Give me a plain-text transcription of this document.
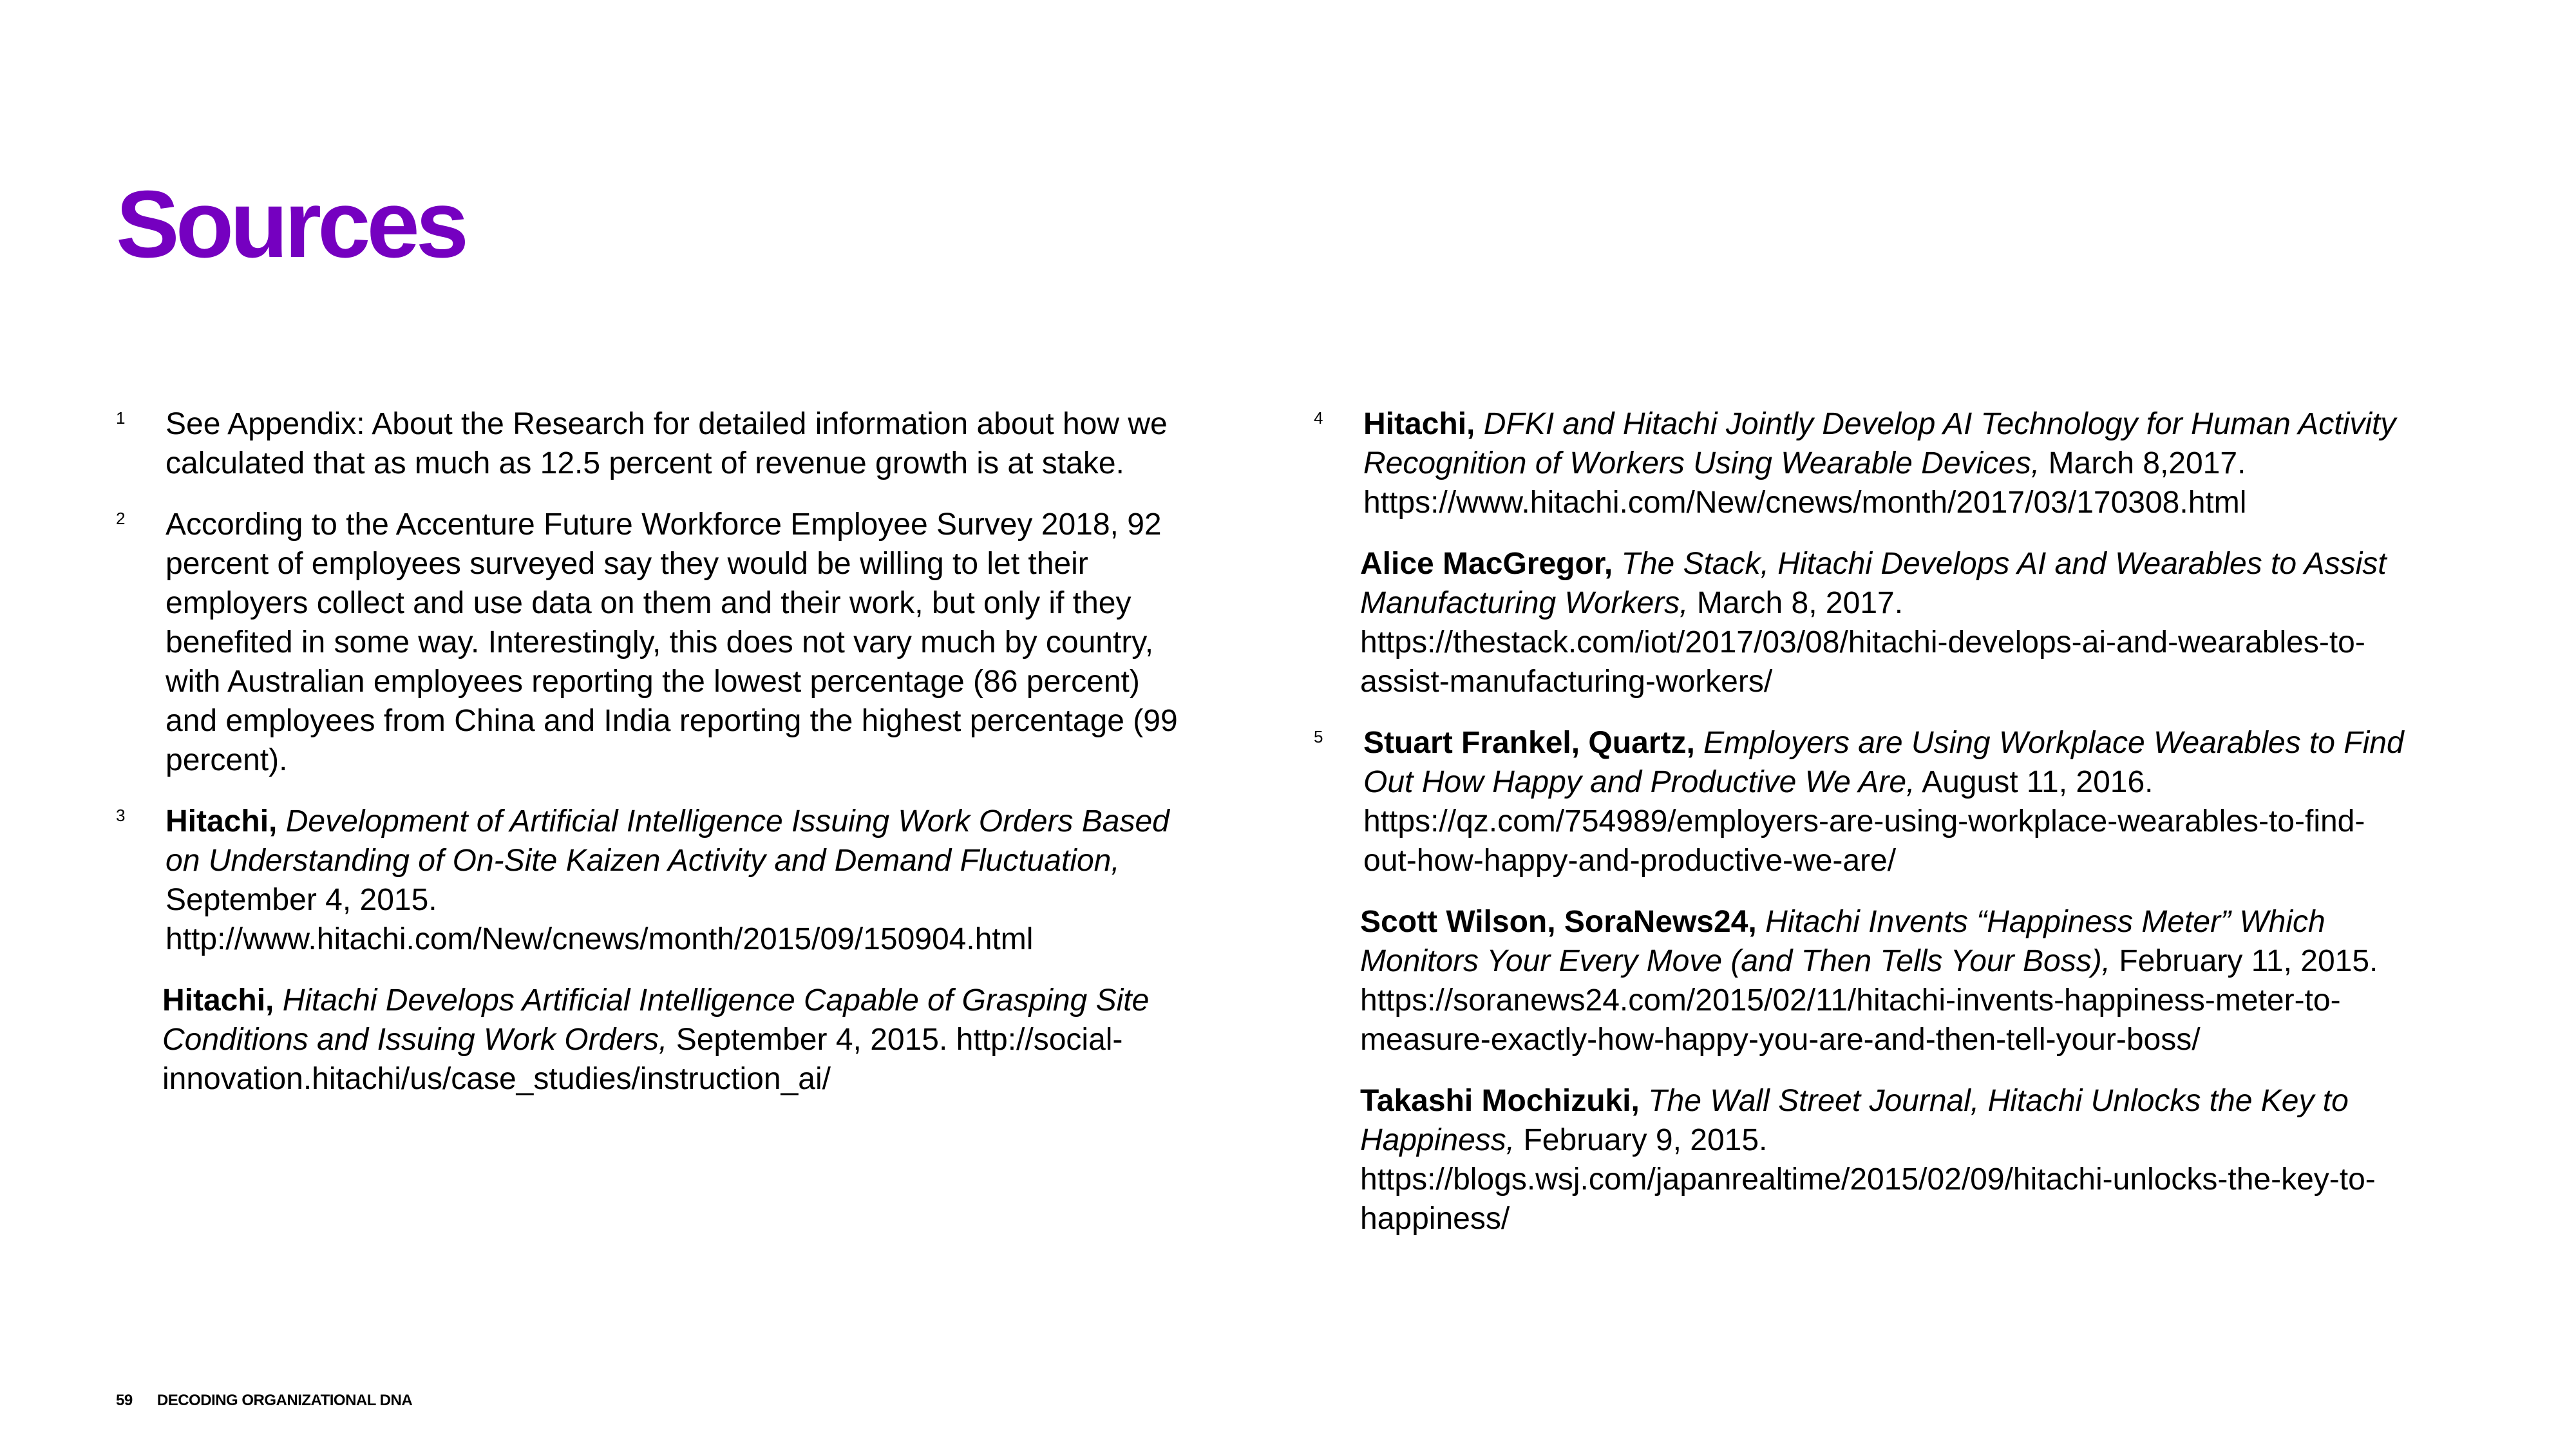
Sources

1 See Appendix: About the Research for detailed information about how we calculated that as much as 12.5 percent of revenue growth is at stake.

2 According to the Accenture Future Workforce Employee Survey 2018, 92 percent of employees surveyed say they would be willing to let their employers collect and use data on them and their work, but only if they benefited in some way. Interestingly, this does not vary much by country, with Australian employees reporting the lowest percentage (86 percent) and employees from China and India reporting the highest percentage (99 percent).

3 Hitachi, Development of Artificial Intelligence Issuing Work Orders Based on Understanding of On-Site Kaizen Activity and Demand Fluctuation, September 4, 2015. http://www.hitachi.com/New/cnews/month/2015/09/150904.html

Hitachi, Hitachi Develops Artificial Intelligence Capable of Grasping Site Conditions and Issuing Work Orders, September 4, 2015. http://social-innovation.hitachi/us/case_studies/instruction_ai/

4 Hitachi, DFKI and Hitachi Jointly Develop AI Technology for Human Activity Recognition of Workers Using Wearable Devices, March 8,2017. https://www.hitachi.com/New/cnews/month/2017/03/170308.html

Alice MacGregor, The Stack, Hitachi Develops AI and Wearables to Assist Manufacturing Workers, March 8, 2017. https://thestack.com/iot/2017/03/08/hitachi-develops-ai-and-wearables-to-assist-manufacturing-workers/

5 Stuart Frankel, Quartz, Employers are Using Workplace Wearables to Find Out How Happy and Productive We Are, August 11, 2016. https://qz.com/754989/employers-are-using-workplace-wearables-to-find-out-how-happy-and-productive-we-are/

Scott Wilson, SoraNews24, Hitachi Invents “Happiness Meter” Which Monitors Your Every Move (and Then Tells Your Boss), February 11, 2015. https://soranews24.com/2015/02/11/hitachi-invents-happiness-meter-to-measure-exactly-how-happy-you-are-and-then-tell-your-boss/

Takashi Mochizuki, The Wall Street Journal, Hitachi Unlocks the Key to Happiness, February 9, 2015. https://blogs.wsj.com/japanrealtime/2015/02/09/hitachi-unlocks-the-key-to-happiness/

59 DECODING ORGANIZATIONAL DNA
